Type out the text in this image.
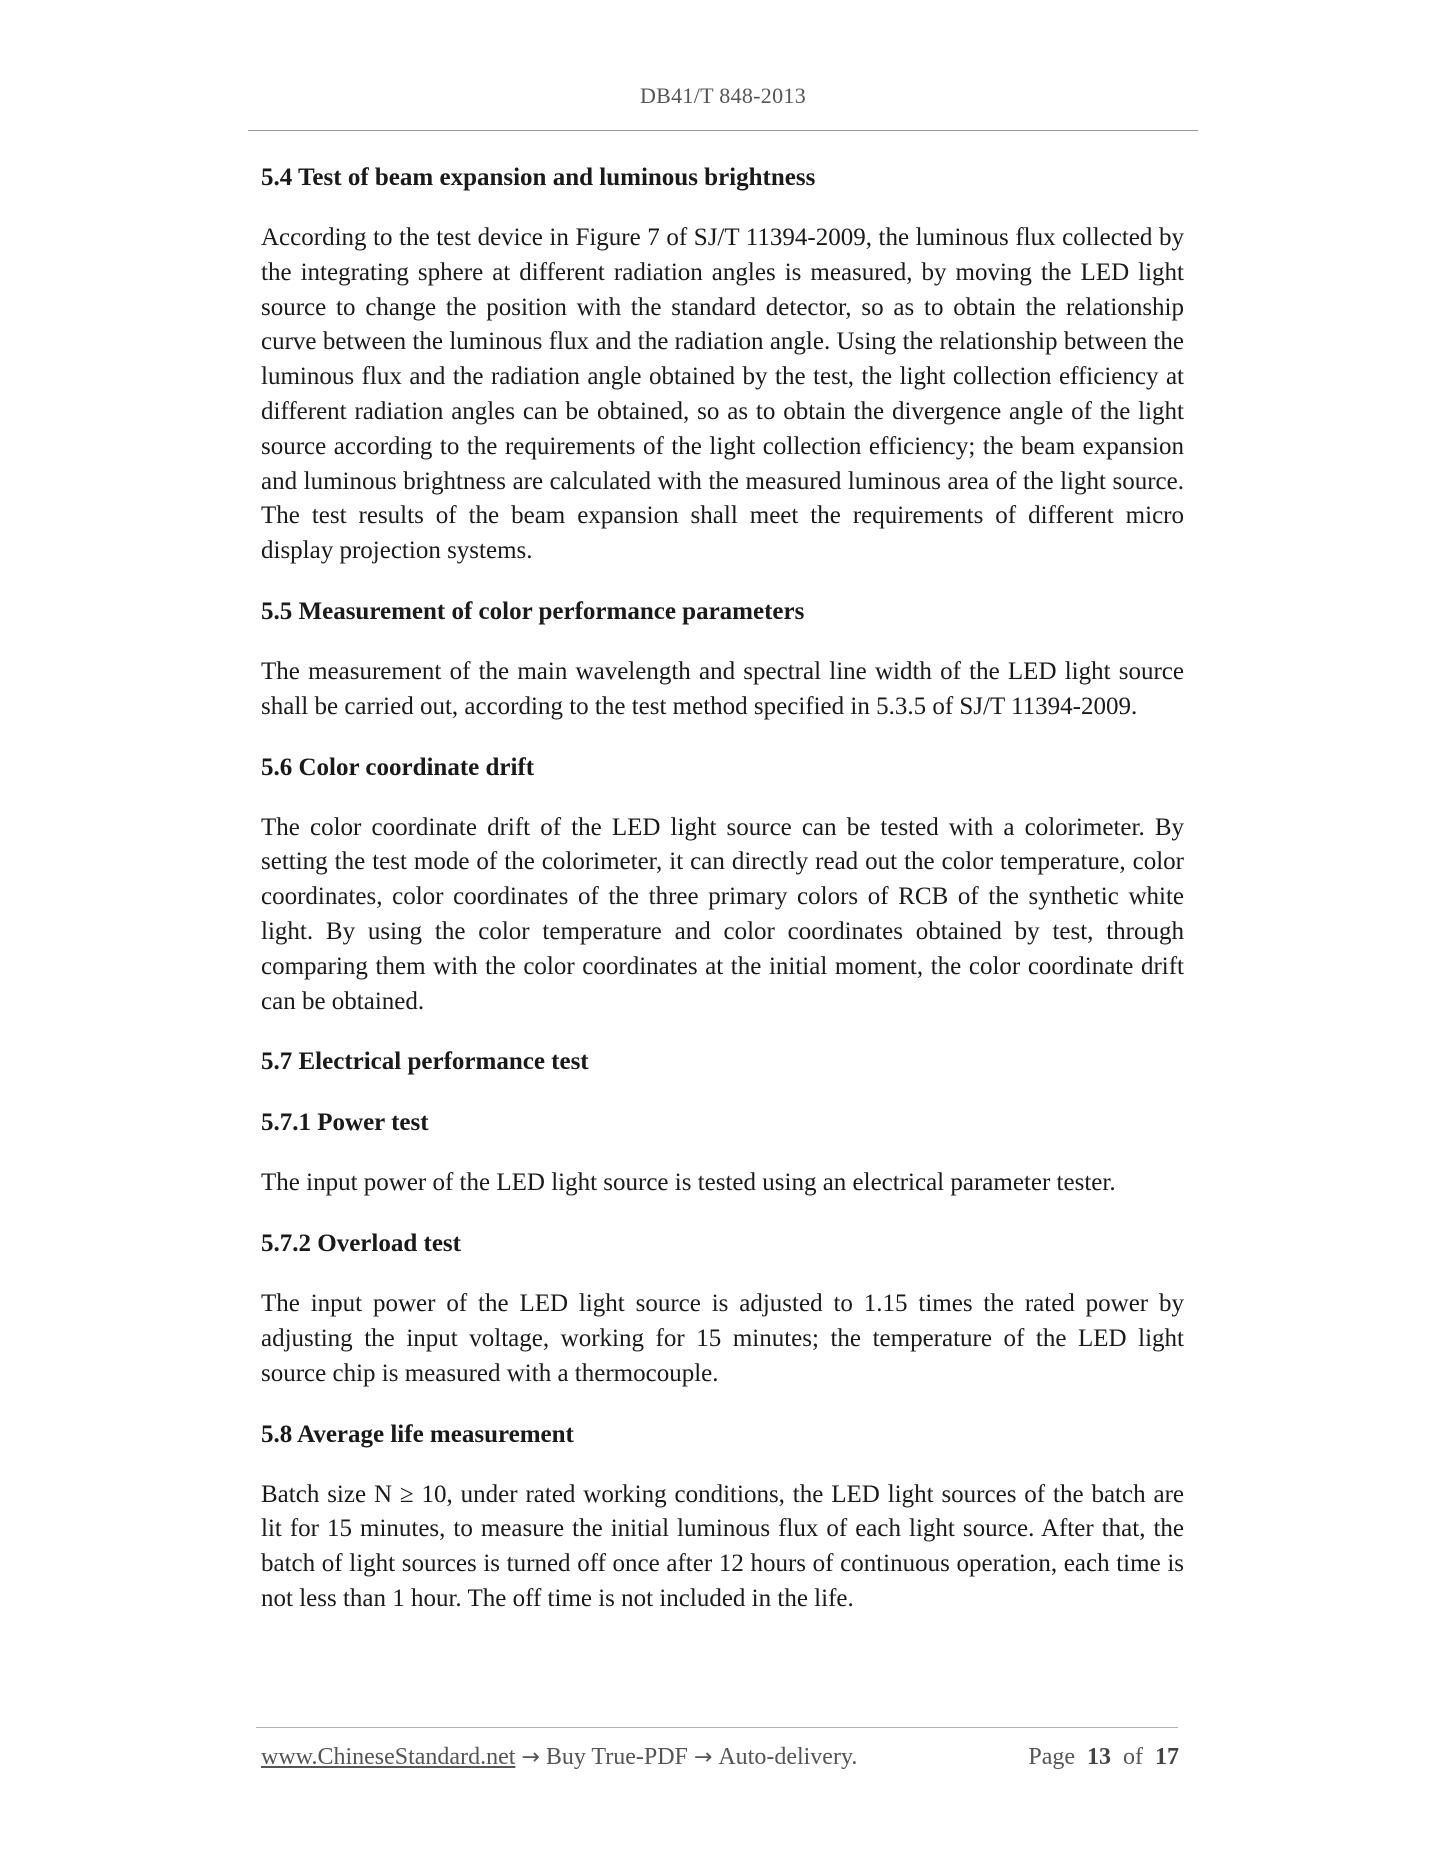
DB41/T 848-2013
5.4 Test of beam expansion and luminous brightness

According to the test device in Figure 7 of SJ/T 11394-2009, the luminous flux collected by the integrating sphere at different radiation angles is measured, by moving the LED light source to change the position with the standard detector, so as to obtain the relationship curve between the luminous flux and the radiation angle. Using the relationship between the luminous flux and the radiation angle obtained by the test, the light collection efficiency at different radiation angles can be obtained, so as to obtain the divergence angle of the light source according to the requirements of the light collection efficiency; the beam expansion and luminous brightness are calculated with the measured luminous area of the light source. The test results of the beam expansion shall meet the requirements of different micro display projection systems.

5.5 Measurement of color performance parameters

The measurement of the main wavelength and spectral line width of the LED light source shall be carried out, according to the test method specified in 5.3.5 of SJ/T 11394-2009.

5.6 Color coordinate drift

The color coordinate drift of the LED light source can be tested with a colorimeter. By setting the test mode of the colorimeter, it can directly read out the color temperature, color coordinates, color coordinates of the three primary colors of RCB of the synthetic white light. By using the color temperature and color coordinates obtained by test, through comparing them with the color coordinates at the initial moment, the color coordinate drift can be obtained.

5.7 Electrical performance test
5.7.1 Power test

The input power of the LED light source is tested using an electrical parameter tester.

5.7.2 Overload test

The input power of the LED light source is adjusted to 1.15 times the rated power by adjusting the input voltage, working for 15 minutes; the temperature of the LED light source chip is measured with a thermocouple.

5.8 Average life measurement

Batch size N ≥ 10, under rated working conditions, the LED light sources of the batch are lit for 15 minutes, to measure the initial luminous flux of each light source. After that, the batch of light sources is turned off once after 12 hours of continuous operation, each time is not less than 1 hour. The off time is not included in the life.

www.ChineseStandard.net → Buy True-PDF → Auto-delivery.	Page 13 of 17
